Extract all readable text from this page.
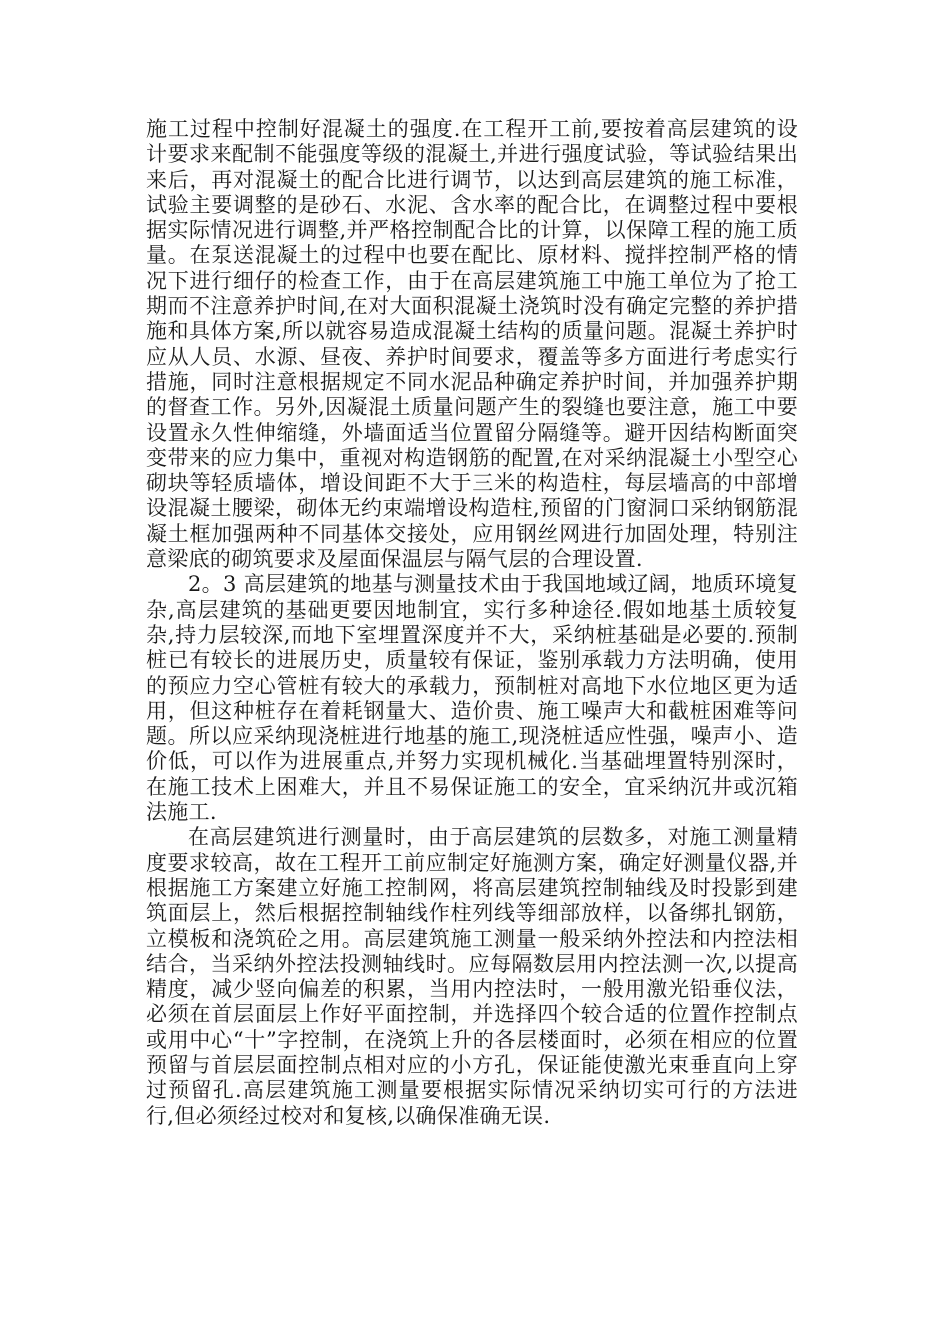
施工过程中控制好混凝土的强度.在工程开工前,要按着高层建筑的设计要求来配制不能强度等级的混凝土,并进行强度试验，等试验结果出来后，再对混凝土的配合比进行调节，以达到高层建筑的施工标准，试验主要调整的是砂石、水泥、含水率的配合比，在调整过程中要根据实际情况进行调整,并严格控制配合比的计算，以保障工程的施工质量。在泵送混凝土的过程中也要在配比、原材料、搅拌控制严格的情况下进行细仔的检查工作，由于在高层建筑施工中施工单位为了抢工期而不注意养护时间,在对大面积混凝土浇筑时没有确定完整的养护措施和具体方案,所以就容易造成混凝土结构的质量问题。混凝土养护时应从人员、水源、昼夜、养护时间要求，覆盖等多方面进行考虑实行措施，同时注意根据规定不同水泥品种确定养护时间，并加强养护期的督查工作。另外,因凝混土质量问题产生的裂缝也要注意，施工中要设置永久性伸缩缝，外墙面适当位置留分隔缝等。避开因结构断面突变带来的应力集中，重视对构造钢筋的配置,在对采纳混凝土小型空心砌块等轻质墙体，增设间距不大于三米的构造柱，每层墙高的中部增设混凝土腰梁，砌体无约束端增设构造柱,预留的门窗洞口采纳钢筋混凝土框加强两种不同基体交接处，应用钢丝网进行加固处理，特别注意梁底的砌筑要求及屋面保温层与隔气层的合理设置.

2。3 高层建筑的地基与测量技术由于我国地域辽阔，地质环境复杂,高层建筑的基础更要因地制宜，实行多种途径.假如地基土质较复杂,持力层较深,而地下室埋置深度并不大，采纳桩基础是必要的.预制桩已有较长的进展历史，质量较有保证，鉴别承载力方法明确，使用的预应力空心管桩有较大的承载力，预制桩对高地下水位地区更为适用，但这种桩存在着耗钢量大、造价贵、施工噪声大和截桩困难等问题。所以应采纳现浇桩进行地基的施工,现浇桩适应性强，噪声小、造价低，可以作为进展重点,并努力实现机械化.当基础埋置特别深时，在施工技术上困难大，并且不易保证施工的安全，宜采纳沉井或沉箱法施工.

在高层建筑进行测量时，由于高层建筑的层数多，对施工测量精度要求较高，故在工程开工前应制定好施测方案，确定好测量仪器,并根据施工方案建立好施工控制网，将高层建筑控制轴线及时投影到建筑面层上，然后根据控制轴线作柱列线等细部放样，以备绑扎钢筋，立模板和浇筑砼之用。高层建筑施工测量一般采纳外控法和内控法相结合，当采纳外控法投测轴线时。应每隔数层用内控法测一次,以提高精度，减少竖向偏差的积累，当用内控法时，一般用激光铅垂仪法，必须在首层面层上作好平面控制，并选择四个较合适的位置作控制点或用中心“十”字控制，在浇筑上升的各层楼面时，必须在相应的位置预留与首层层面控制点相对应的小方孔，保证能使激光束垂直向上穿过预留孔.高层建筑施工测量要根据实际情况采纳切实可行的方法进行,但必须经过校对和复核,以确保准确无误.
